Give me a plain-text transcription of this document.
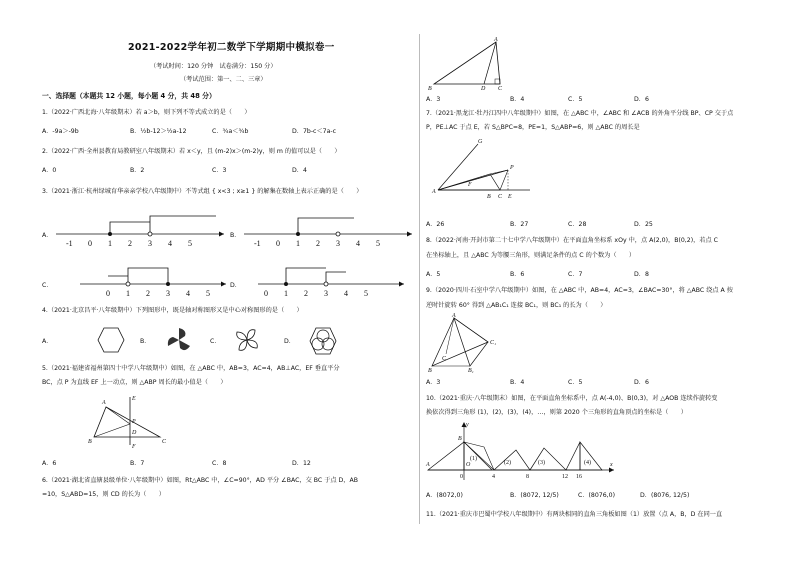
2021-2022学年初二数学下学期期中模拟卷一
（考试时间：120 分钟　试卷满分：150 分）
（考试范围：第一、二、三章）
一、选择题（本题共 12 小题，每小题 4 分，共 48 分）
1.（2022·广西北海·八年级期末）若 a＞b，则下列不等式成立的是（　　）
A．-9a＞-9b	B．½b-12＞½a-12	C．¾a＜¾b	D．7b-c＜7a-c
2.（2022·广西·全州县教育局教研室八年级期末）若 x＜y，且 (m-2)x＞(m-2)y，则 m 的值可以是（　　）
A．0	B．2	C．3	D．4
3.（2021·浙江·杭州绿城育华亲亲学校八年级期中）不等式组 { x<3 ; x≥1 } 的解集在数轴上表示正确的是（　　）
A．
-1 0 1 2 3 4 5
B．
-1 0 1 2 3 4 5
C．
0 1 2 3 4 5
D．
0 1 2 3 4 5
4.（2021·北京昌平·八年级期中）下列图形中，既是轴对称图形又是中心对称图形的是（　　）
A．	B．	C．	D．
5.（2021·福建省福州第四十中学八年级期中）如图，在 △ABC 中，AB=3，AC=4，AB⊥AC，EF 垂直平分
BC，点 P 为直线 EF 上一动点，则 △ABP 周长的最小值是（　　）
A
B	C
E
F
D
P
A．6	B．7	C．8	D．12
6.（2021·湖北省直辖县级单位·八年级期中）如图，Rt△ABC 中，∠C=90°，AD 平分 ∠BAC，交 BC 于点 D，AB
=10，S△ABD=15，则 CD 的长为（　　）
A
B	D C
A．3	B．4	C．5	D．6
7.（2021·黑龙江·牡丹江四中八年级期中）如图，在 △ABC 中，∠ABC 和 ∠ACB 的外角平分线 BP、CP 交于点
P，PE⊥AC 于点 E，若 S△BPC=8，PE=1，S△ABP=6，则 △ABC 的周长是
G
P
A
B C E
F
A．26	B．27	C．28	D．25
8.（2022·河南·开封市第二十七中学八年级期中）在平面直角坐标系 xOy 中，点 A(2,0)，B(0,2)，若点 C
在坐标轴上，且 △ABC 为等腰三角形，则满足条件的点 C 的个数为（　　）
A．5	B．6	C．7	D．8
9.（2020·四川·石室中学八年级期中）如图，在 △ABC 中，AB=4，AC=3，∠BAC=30°，将 △ABC 绕点 A 按
逆时针旋转 60° 得到 △AB₁C₁ 连接 BC₁，则 BC₁ 的长为（　　）
A
B
C
C₁
B₁
A．3	B．4	C．5	D．6
10.（2021·重庆·八年级期末）如图，在平面直角坐标系中，点 A(-4,0)、B(0,3)，对 △AOB 连续作旋转变
换依次得到三角形 (1)，(2)，(3)，(4)，…，则第 2020 个三角形的直角顶点的坐标是（　　）
0	4	8	12 16
y
A	O	x
(1)
(2)	(3)	(4)
B
A．(8072,0)	B．(8072, 12/5)	C．(8076,0)	D．(8076, 12/5)
11.（2021·重庆市巴蜀中学校八年级期中）有两块相同的直角三角板如图（1）放置（点 A，B，D 在同一直
